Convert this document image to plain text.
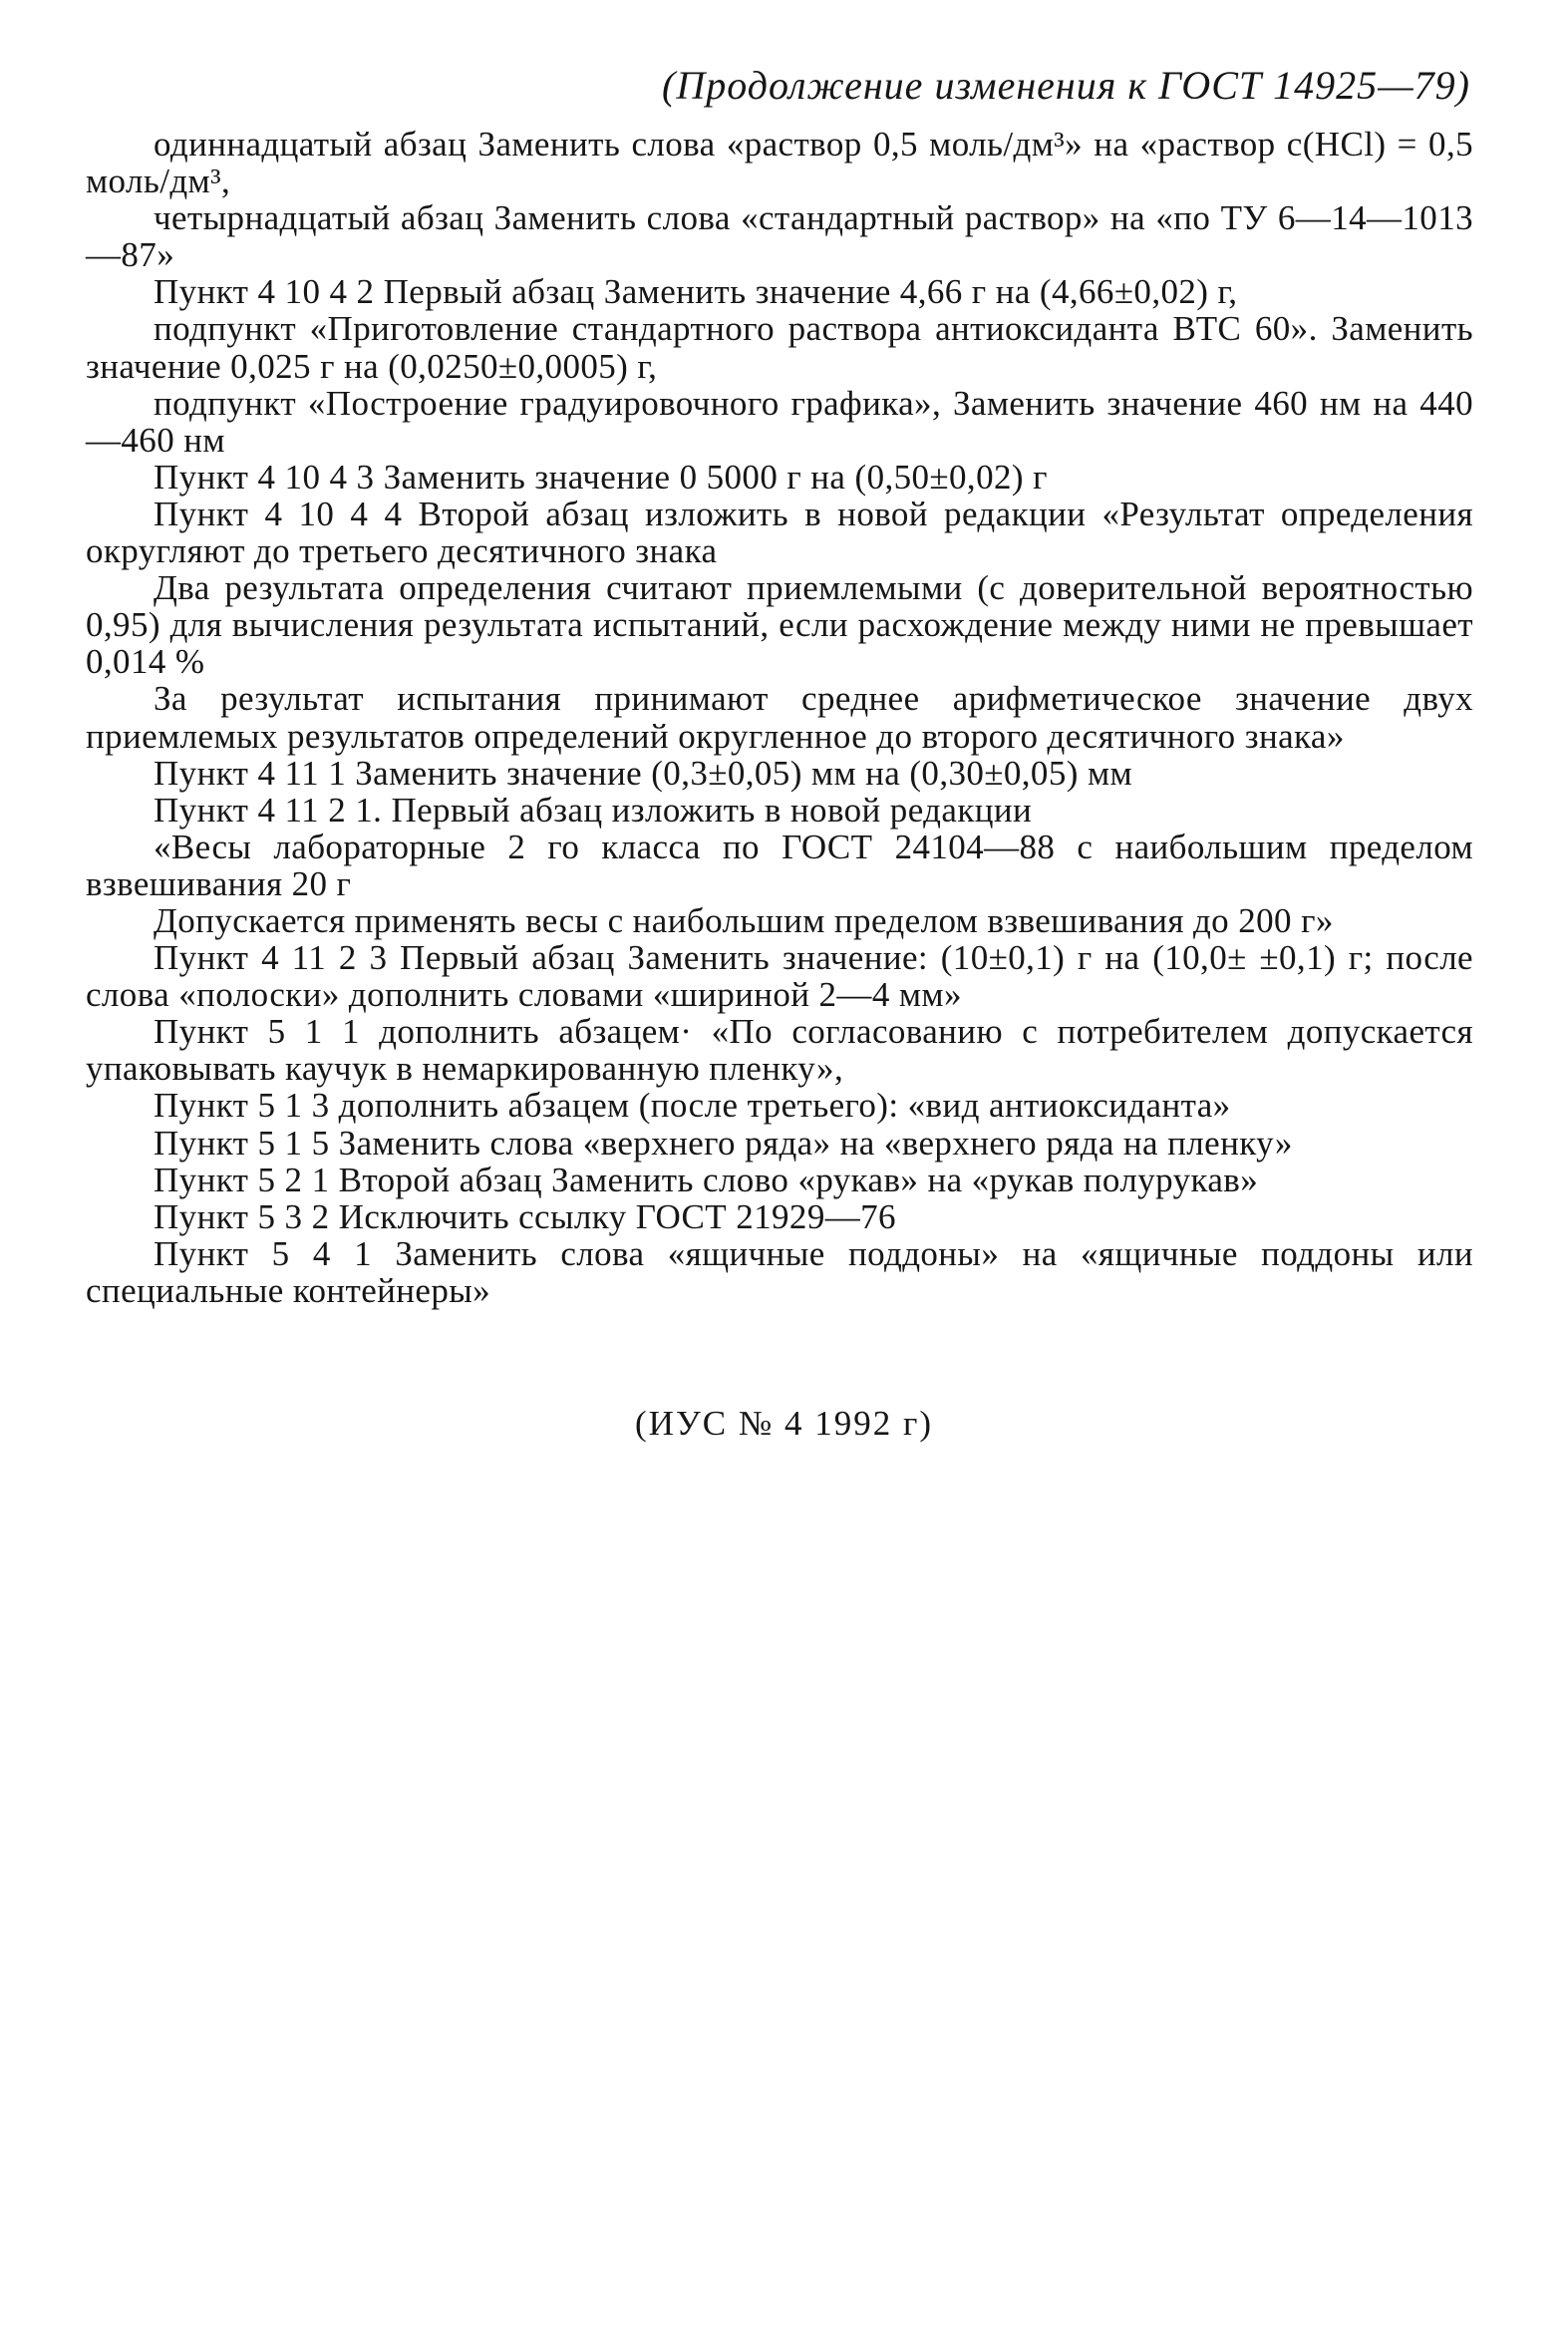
(Продолжение изменения к ГОСТ 14925—79)

одиннадцатый абзац Заменить слова «раствор 0,5 моль/дм³» на «раствор c(HCl) = 0,5 моль/дм³,

четырнадцатый абзац Заменить слова «стандартный раствор» на «по ТУ 6—14—1013—87»

Пункт 4 10 4 2 Первый абзац Заменить значение 4,66 г на (4,66±0,02) г,

подпункт «Приготовление стандартного раствора антиоксиданта ВТС 60». Заменить значение 0,025 г на (0,0250±0,0005) г,

подпункт «Построение градуировочного графика», Заменить значение 460 нм на 440—460 нм

Пункт 4 10 4 3 Заменить значение 0 5000 г на (0,50±0,02) г

Пункт 4 10 4 4 Второй абзац изложить в новой редакции «Результат определения округляют до третьего десятичного знака

Два результата определения считают приемлемыми (с доверительной вероятностью 0,95) для вычисления результата испытаний, если расхождение между ними не превышает 0,014 %

За результат испытания принимают среднее арифметическое значение двух приемлемых результатов определений округленное до второго десятичного знака»

Пункт 4 11 1 Заменить значение (0,3±0,05) мм на (0,30±0,05) мм

Пункт 4 11 2 1. Первый абзац изложить в новой редакции

«Весы лабораторные 2 го класса по ГОСТ 24104—88 с наибольшим пределом взвешивания 20 г

Допускается применять весы с наибольшим пределом взвешивания до 200 г»

Пункт 4 11 2 3 Первый абзац Заменить значение: (10±0,1) г на (10,0± ±0,1) г; после слова «полоски» дополнить словами «шириной 2—4 мм»

Пункт 5 1 1 дополнить абзацем· «По согласованию с потребителем допускается упаковывать каучук в немаркированную пленку»,

Пункт 5 1 3 дополнить абзацем (после третьего): «вид антиоксиданта»

Пункт 5 1 5 Заменить слова «верхнего ряда» на «верхнего ряда на пленку»

Пункт 5 2 1 Второй абзац Заменить слово «рукав» на «рукав полурукав»

Пункт 5 3 2 Исключить ссылку ГОСТ 21929—76

Пункт 5 4 1 Заменить слова «ящичные поддоны» на «ящичные поддоны или специальные контейнеры»

(ИУС № 4 1992 г)
